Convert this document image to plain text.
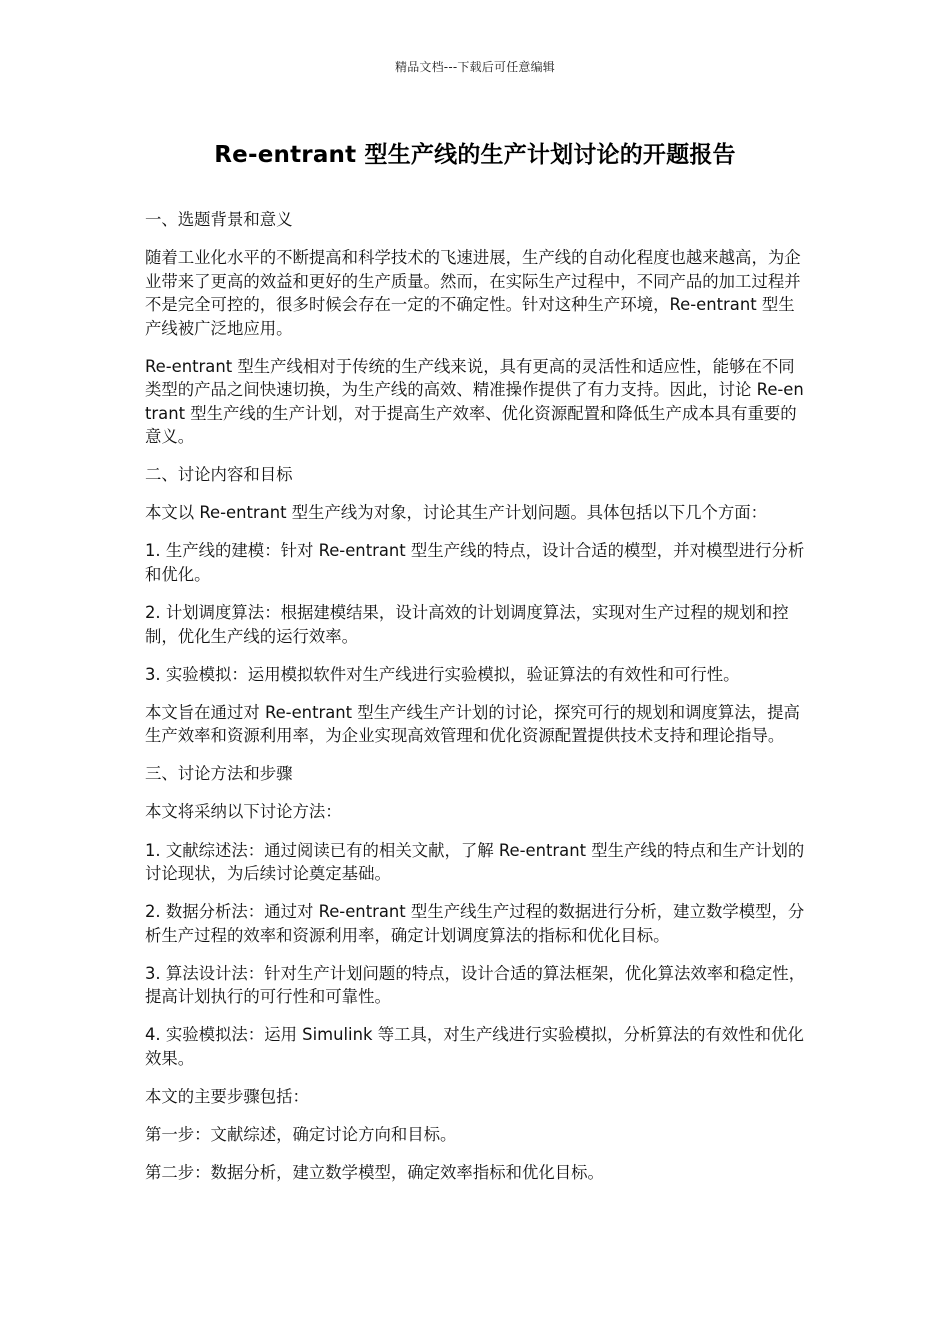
精品文档---下载后可任意编辑
Re-entrant 型生产线的生产计划讨论的开题报告

一、选题背景和意义

随着工业化水平的不断提高和科学技术的飞速进展，生产线的自动化程度也越来越高，为企业带来了更高的效益和更好的生产质量。然而，在实际生产过程中，不同产品的加工过程并不是完全可控的，很多时候会存在一定的不确定性。针对这种生产环境，Re-entrant 型生产线被广泛地应用。

Re-entrant 型生产线相对于传统的生产线来说，具有更高的灵活性和适应性，能够在不同类型的产品之间快速切换，为生产线的高效、精准操作提供了有力支持。因此，讨论 Re-entrant 型生产线的生产计划，对于提高生产效率、优化资源配置和降低生产成本具有重要的意义。

二、讨论内容和目标

本文以 Re-entrant 型生产线为对象，讨论其生产计划问题。具体包括以下几个方面：

1. 生产线的建模：针对 Re-entrant 型生产线的特点，设计合适的模型，并对模型进行分析和优化。

2. 计划调度算法：根据建模结果，设计高效的计划调度算法，实现对生产过程的规划和控制，优化生产线的运行效率。

3. 实验模拟：运用模拟软件对生产线进行实验模拟，验证算法的有效性和可行性。

本文旨在通过对 Re-entrant 型生产线生产计划的讨论，探究可行的规划和调度算法，提高生产效率和资源利用率，为企业实现高效管理和优化资源配置提供技术支持和理论指导。

三、讨论方法和步骤

本文将采纳以下讨论方法：

1. 文献综述法：通过阅读已有的相关文献，了解 Re-entrant 型生产线的特点和生产计划的讨论现状，为后续讨论奠定基础。

2. 数据分析法：通过对 Re-entrant 型生产线生产过程的数据进行分析，建立数学模型，分析生产过程的效率和资源利用率，确定计划调度算法的指标和优化目标。

3. 算法设计法：针对生产计划问题的特点，设计合适的算法框架，优化算法效率和稳定性，提高计划执行的可行性和可靠性。

4. 实验模拟法：运用 Simulink 等工具，对生产线进行实验模拟，分析算法的有效性和优化效果。

本文的主要步骤包括：

第一步：文献综述，确定讨论方向和目标。

第二步：数据分析，建立数学模型，确定效率指标和优化目标。
